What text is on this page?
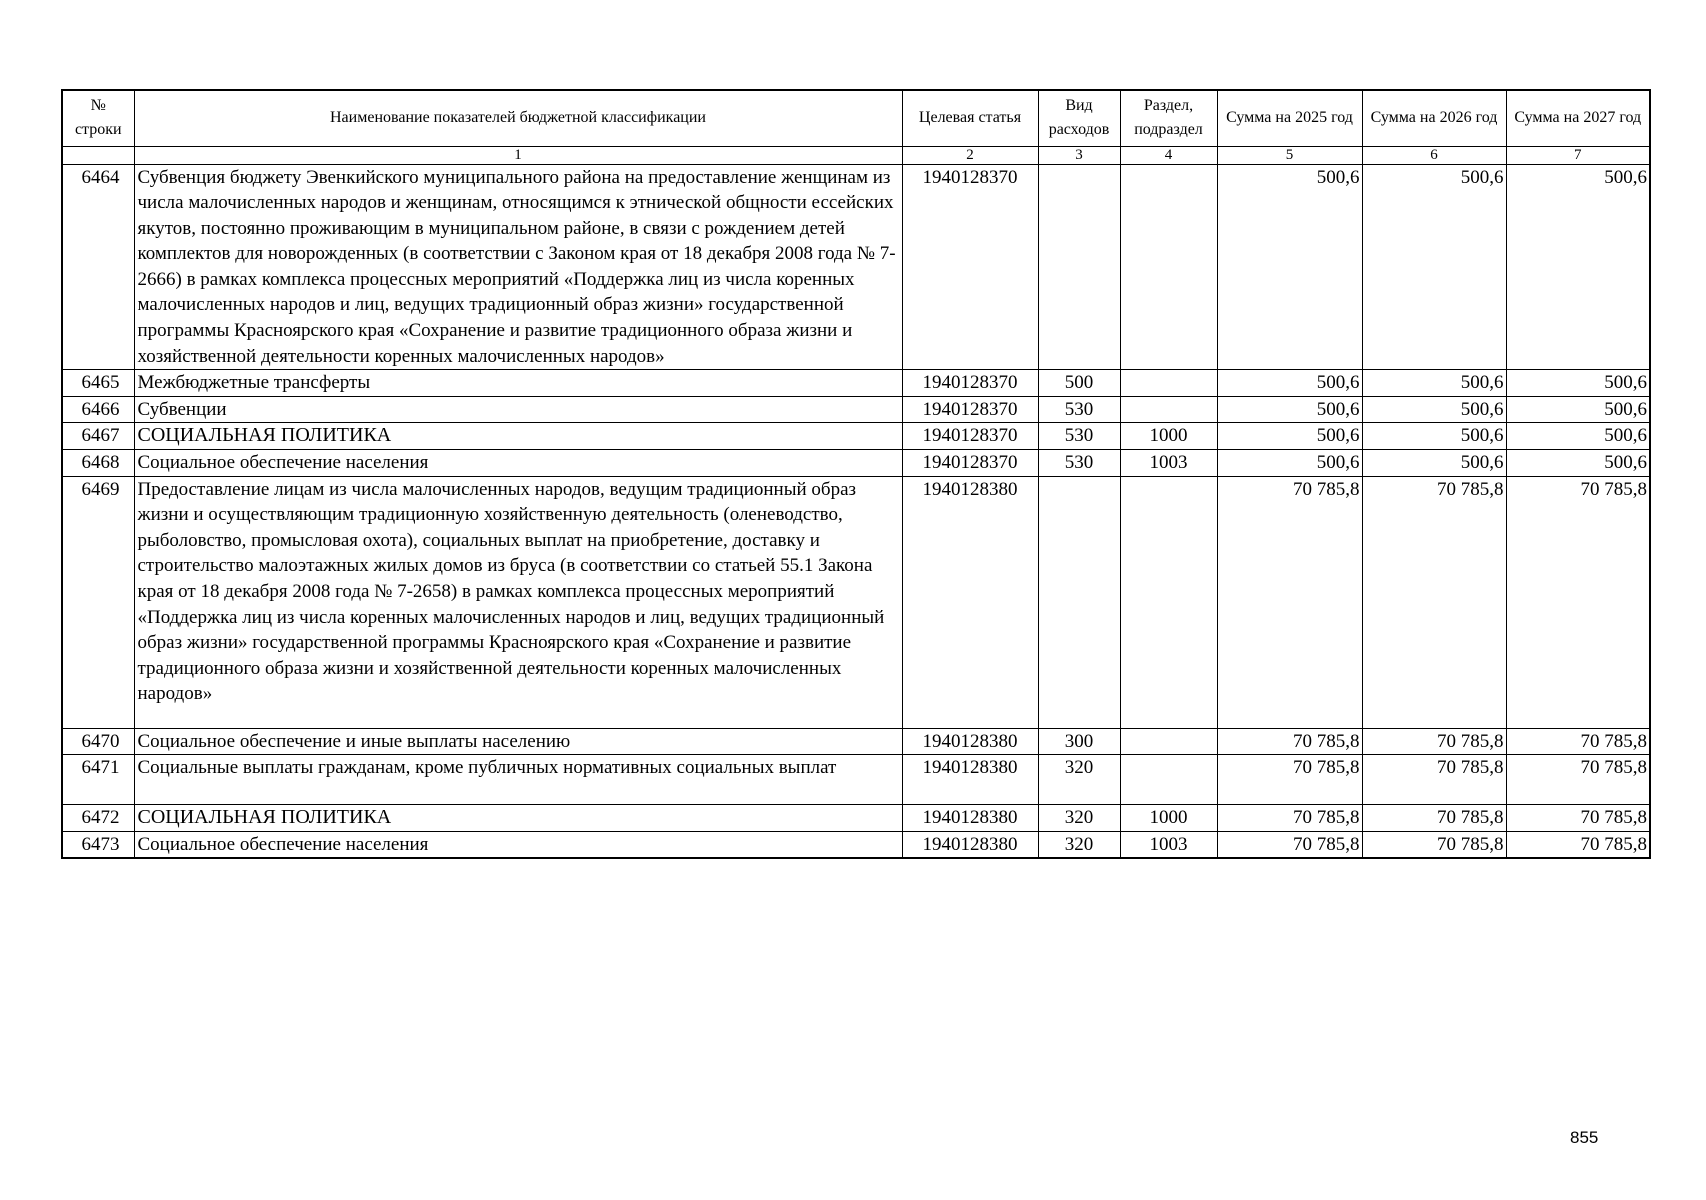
№ строки	Наименование показателей бюджетной классификации	Целевая статья	Вид расходов	Раздел, подраздел	Сумма на 2025 год	Сумма на 2026 год	Сумма на 2027 год
	1	2	3	4	5	6	7
6464	Субвенция бюджету Эвенкийского муниципального района на предоставление женщинам из числа малочисленных народов и женщинам, относящимся к этнической общности ессейских якутов, постоянно проживающим в муниципальном районе, в связи с рождением детей комплектов для новорожденных (в соответствии с Законом края от 18 декабря 2008 года № 7-2666) в рамках комплекса процессных мероприятий «Поддержка лиц из числа коренных малочисленных народов и лиц, ведущих традиционный образ жизни» государственной программы Красноярского края «Сохранение и развитие традиционного образа жизни и хозяйственной деятельности коренных малочисленных народов»	1940128370			500,6	500,6	500,6
6465	Межбюджетные трансферты	1940128370	500		500,6	500,6	500,6
6466	Субвенции	1940128370	530		500,6	500,6	500,6
6467	СОЦИАЛЬНАЯ ПОЛИТИКА	1940128370	530	1000	500,6	500,6	500,6
6468	Социальное обеспечение населения	1940128370	530	1003	500,6	500,6	500,6
6469	Предоставление лицам из числа малочисленных народов, ведущим традиционный образ жизни и осуществляющим традиционную хозяйственную деятельность (оленеводство, рыболовство, промысловая охота), социальных выплат на приобретение, доставку и строительство малоэтажных жилых домов из бруса (в соответствии со статьей 55.1 Закона края от 18 декабря 2008 года № 7-2658) в рамках комплекса процессных мероприятий «Поддержка лиц из числа коренных малочисленных народов и лиц, ведущих традиционный образ жизни» государственной программы Красноярского края «Сохранение и развитие традиционного образа жизни и хозяйственной деятельности коренных малочисленных народов»	1940128380			70 785,8	70 785,8	70 785,8
6470	Социальное обеспечение и иные выплаты населению	1940128380	300		70 785,8	70 785,8	70 785,8
6471	Социальные выплаты гражданам, кроме публичных нормативных социальных выплат	1940128380	320		70 785,8	70 785,8	70 785,8
6472	СОЦИАЛЬНАЯ ПОЛИТИКА	1940128380	320	1000	70 785,8	70 785,8	70 785,8
6473	Социальное обеспечение населения	1940128380	320	1003	70 785,8	70 785,8	70 785,8
855
